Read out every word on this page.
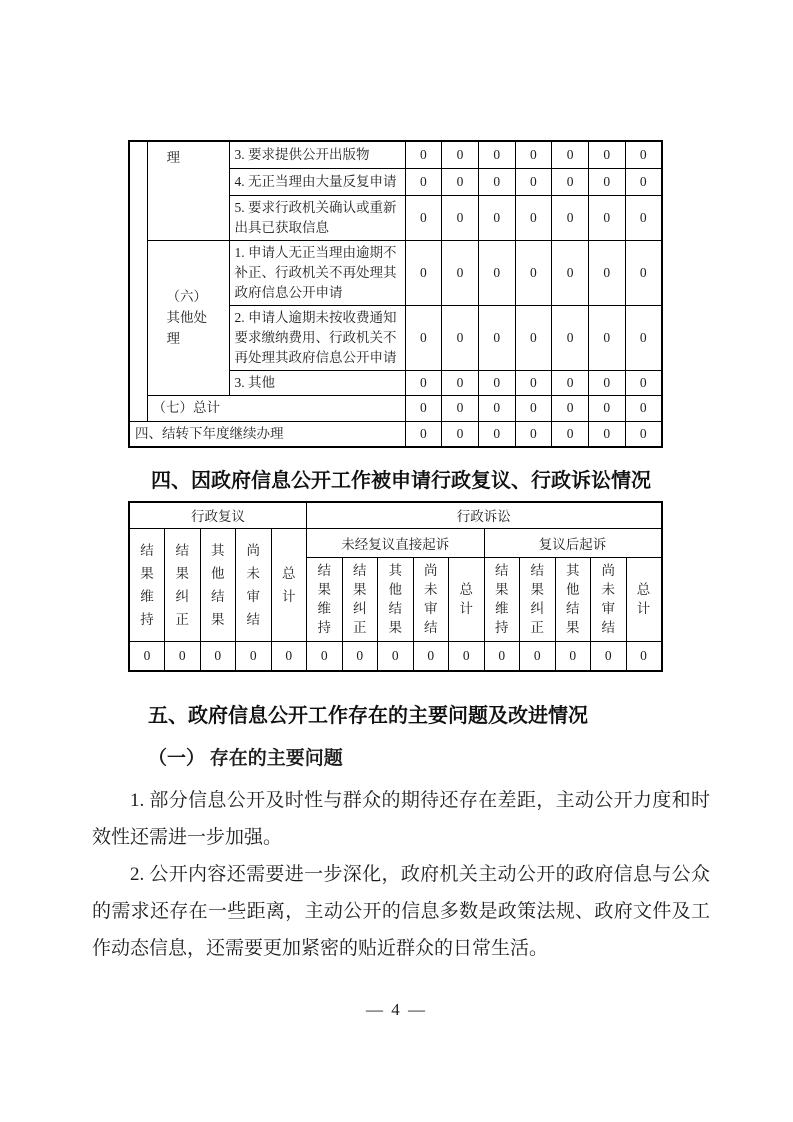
	理	3. 要求提供公开出版物	0	0	0	0	0	0	0
		4. 无正当理由大量反复申请	0	0	0	0	0	0	0
		5. 要求行政机关确认或重新出具已获取信息	0	0	0	0	0	0	0
	（六）其他处理	1. 申请人无正当理由逾期不补正、行政机关不再处理其政府信息公开申请	0	0	0	0	0	0	0
		2. 申请人逾期未按收费通知要求缴纳费用、行政机关不再处理其政府信息公开申请	0	0	0	0	0	0	0
		3. 其他	0	0	0	0	0	0	0
	（七）总计		0	0	0	0	0	0	0
四、结转下年度继续办理			0	0	0	0	0	0	0
四、因政府信息公开工作被申请行政复议、行政诉讼情况
行政复议					行政诉讼									
结果维持	结果纠正	其他结果	尚未审结	总计	未经复议直接起诉					复议后起诉				
					结果维持	结果纠正	其他结果	尚未审结	总计	结果维持	结果纠正	其他结果	尚未审结	总计
0	0	0	0	0	0	0	0	0	0	0	0	0	0	0
五、政府信息公开工作存在的主要问题及改进情况
（一） 存在的主要问题

1. 部分信息公开及时性与群众的期待还存在差距，主动公开力度和时效性还需进一步加强。

2. 公开内容还需要进一步深化，政府机关主动公开的政府信息与公众的需求还存在一些距离，主动公开的信息多数是政策法规、政府文件及工作动态信息，还需要更加紧密的贴近群众的日常生活。

— 4 —
